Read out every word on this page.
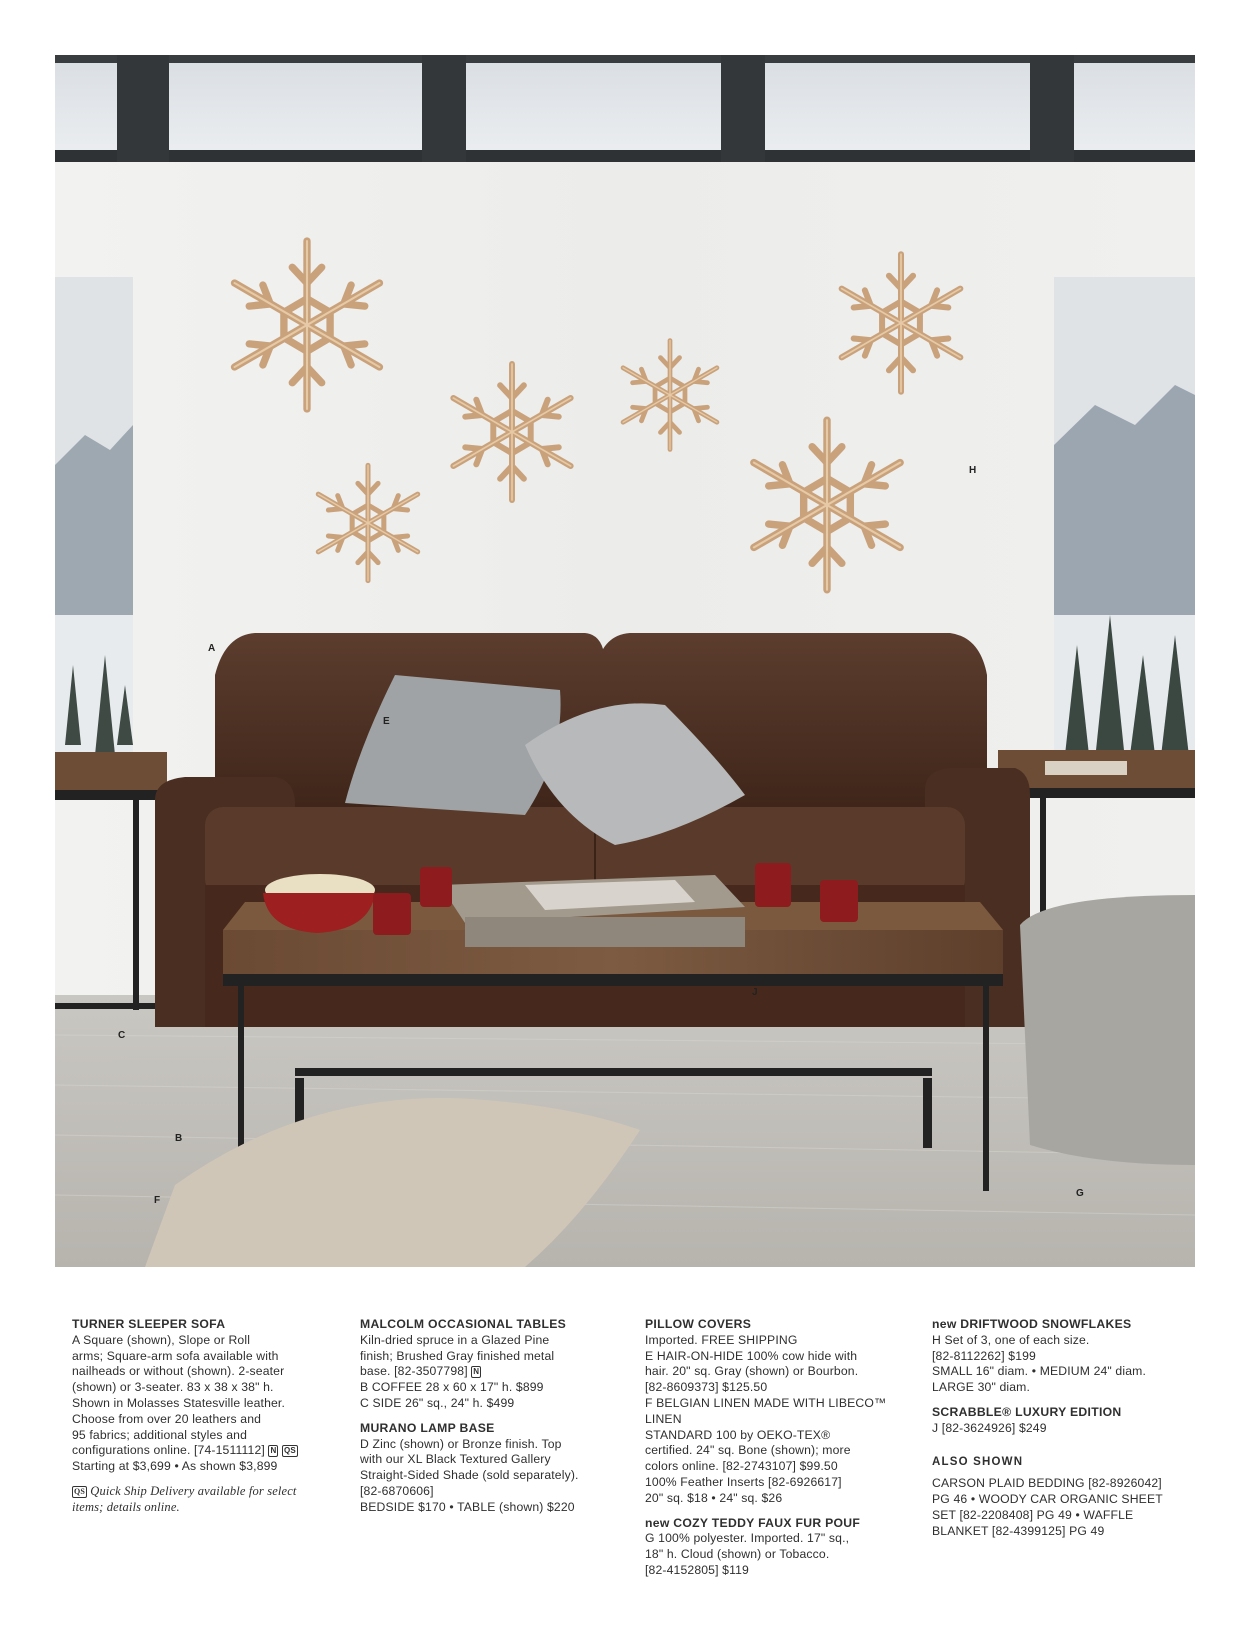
A
E
H
C
J
B
F
G

TURNER SLEEPER SOFA

A Square (shown), Slope or Roll

arms; Square-arm sofa available with

nailheads or without (shown). 2-seater

(shown) or 3-seater. 83 x 38 x 38" h.

Shown in Molasses Statesville leather.

Choose from over 20 leathers and

95 fabrics; additional styles and

configurations online. [74-1511112] N QS

Starting at $3,699 • As shown $3,899

QS Quick Ship Delivery available for select

items; details online.

MALCOLM OCCASIONAL TABLES

Kiln-dried spruce in a Glazed Pine

finish; Brushed Gray finished metal

base. [82-3507798] N

B COFFEE 28 x 60 x 17" h. $899

C SIDE 26" sq., 24" h. $499

MURANO LAMP BASE

D Zinc (shown) or Bronze finish. Top

with our XL Black Textured Gallery

Straight-Sided Shade (sold separately).

[82-6870606]

BEDSIDE $170 • TABLE (shown) $220

PILLOW COVERS

Imported. FREE SHIPPING

E HAIR-ON-HIDE 100% cow hide with

hair. 20" sq. Gray (shown) or Bourbon.

[82-8609373] $125.50

F BELGIAN LINEN MADE WITH LIBECO™ LINEN

STANDARD 100 by OEKO-TEX®

certified. 24" sq. Bone (shown); more

colors online. [82-2743107] $99.50

100% Feather Inserts [82-6926617]

20" sq. $18 • 24" sq. $26

new COZY TEDDY FAUX FUR POUF

G 100% polyester. Imported. 17" sq.,

18" h. Cloud (shown) or Tobacco.

[82-4152805] $119

new DRIFTWOOD SNOWFLAKES

H Set of 3, one of each size.

[82-8112262] $199

SMALL 16" diam. • MEDIUM 24" diam.

LARGE 30" diam.

SCRABBLE® LUXURY EDITION

J [82-3624926] $249

ALSO SHOWN

CARSON PLAID BEDDING [82-8926042]

PG 46 • WOODY CAR ORGANIC SHEET

SET [82-2208408] PG 49 • WAFFLE

BLANKET [82-4399125] PG 49
